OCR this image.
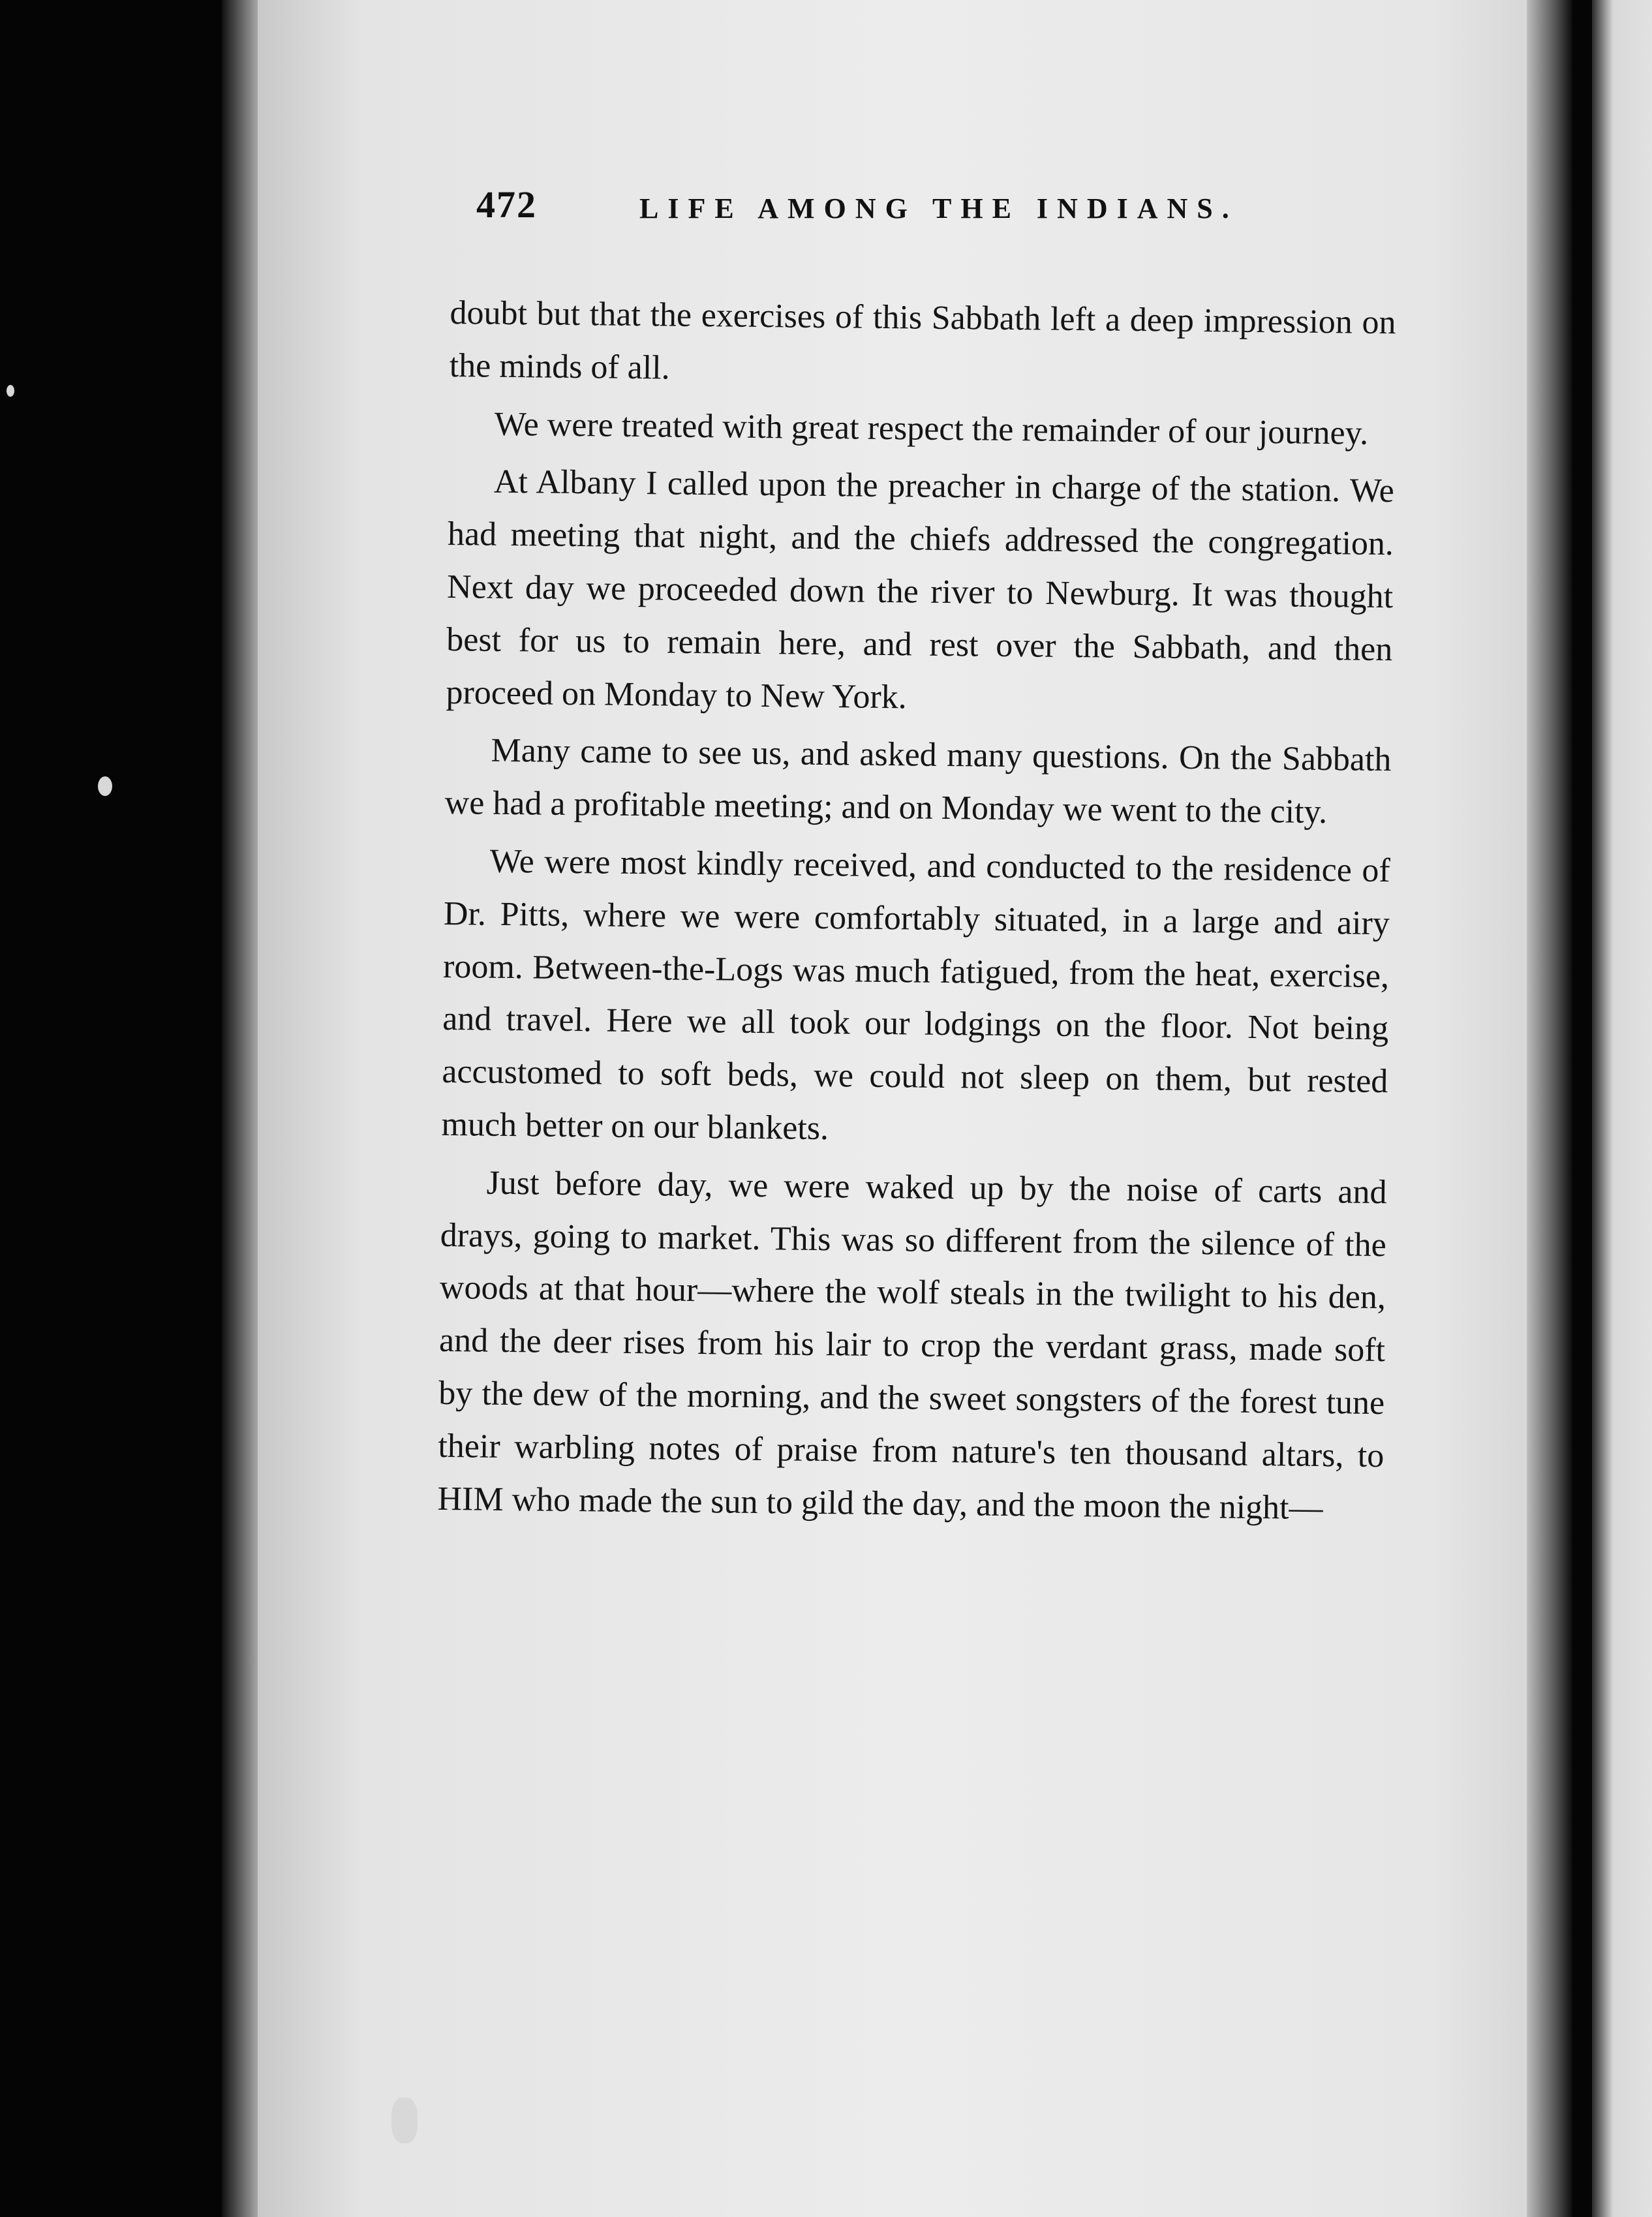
472	LIFE AMONG THE INDIANS.

doubt but that the exercises of this Sabbath left a deep impression on the minds of all.

We were treated with great respect the remainder of our journey.

At Albany I called upon the preacher in charge of the station. We had meeting that night, and the chiefs addressed the congregation. Next day we proceeded down the river to Newburg. It was thought best for us to remain here, and rest over the Sabbath, and then proceed on Monday to New York.

Many came to see us, and asked many questions. On the Sabbath we had a profitable meeting; and on Monday we went to the city.

We were most kindly received, and conducted to the residence of Dr. Pitts, where we were comfortably situated, in a large and airy room. Between-the-Logs was much fatigued, from the heat, exercise, and travel. Here we all took our lodgings on the floor. Not being accustomed to soft beds, we could not sleep on them, but rested much better on our blankets.

Just before day, we were waked up by the noise of carts and drays, going to market. This was so different from the silence of the woods at that hour—where the wolf steals in the twilight to his den, and the deer rises from his lair to crop the verdant grass, made soft by the dew of the morning, and the sweet songsters of the forest tune their warbling notes of praise from nature's ten thousand altars, to HIM who made the sun to gild the day, and the moon the night—
